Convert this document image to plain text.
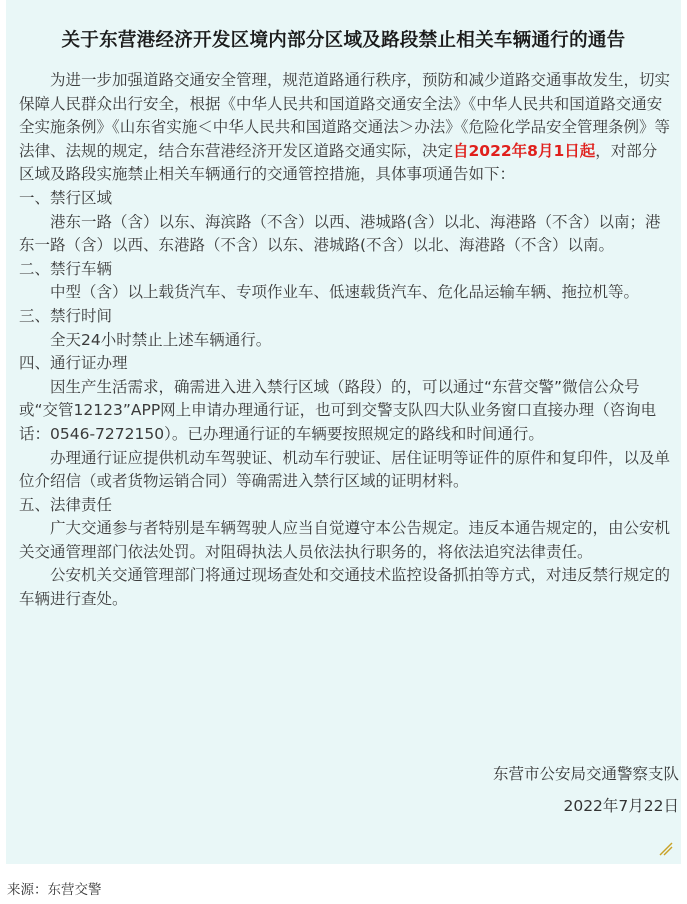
关于东营港经济开发区境内部分区域及路段禁止相关车辆通行的通告

为进一步加强道路交通安全管理，规范道路通行秩序，预防和减少道路交通事故发生，切实保障人民群众出行安全，根据《中华人民共和国道路交通安全法》《中华人民共和国道路交通安全实施条例》《山东省实施＜中华人民共和国道路交通法＞办法》《危险化学品安全管理条例》等法律、法规的规定，结合东营港经济开发区道路交通实际，决定自2022年8月1日起，对部分区域及路段实施禁止相关车辆通行的交通管控措施，具体事项通告如下：

一、禁行区域

港东一路（含）以东、海滨路（不含）以西、港城路(含）以北、海港路（不含）以南；港东一路（含）以西、东港路（不含）以东、港城路(不含）以北、海港路（不含）以南。

二、禁行车辆

中型（含）以上载货汽车、专项作业车、低速载货汽车、危化品运输车辆、拖拉机等。

三、禁行时间

全天24小时禁止上述车辆通行。

四、通行证办理

因生产生活需求，确需进入进入禁行区域（路段）的，可以通过“东营交警”微信公众号或“交管12123”APP网上申请办理通行证，也可到交警支队四大队业务窗口直接办理（咨询电话：0546-7272150）。已办理通行证的车辆要按照规定的路线和时间通行。

办理通行证应提供机动车驾驶证、机动车行驶证、居住证明等证件的原件和复印件，以及单位介绍信（或者货物运销合同）等确需进入禁行区域的证明材料。

五、法律责任

广大交通参与者特别是车辆驾驶人应当自觉遵守本公告规定。违反本通告规定的，由公安机关交通管理部门依法处罚。对阻碍执法人员依法执行职务的，将依法追究法律责任。

公安机关交通管理部门将通过现场查处和交通技术监控设备抓拍等方式，对违反禁行规定的车辆进行查处。

东营市公安局交通警察支队
2022年7月22日
来源：东营交警
